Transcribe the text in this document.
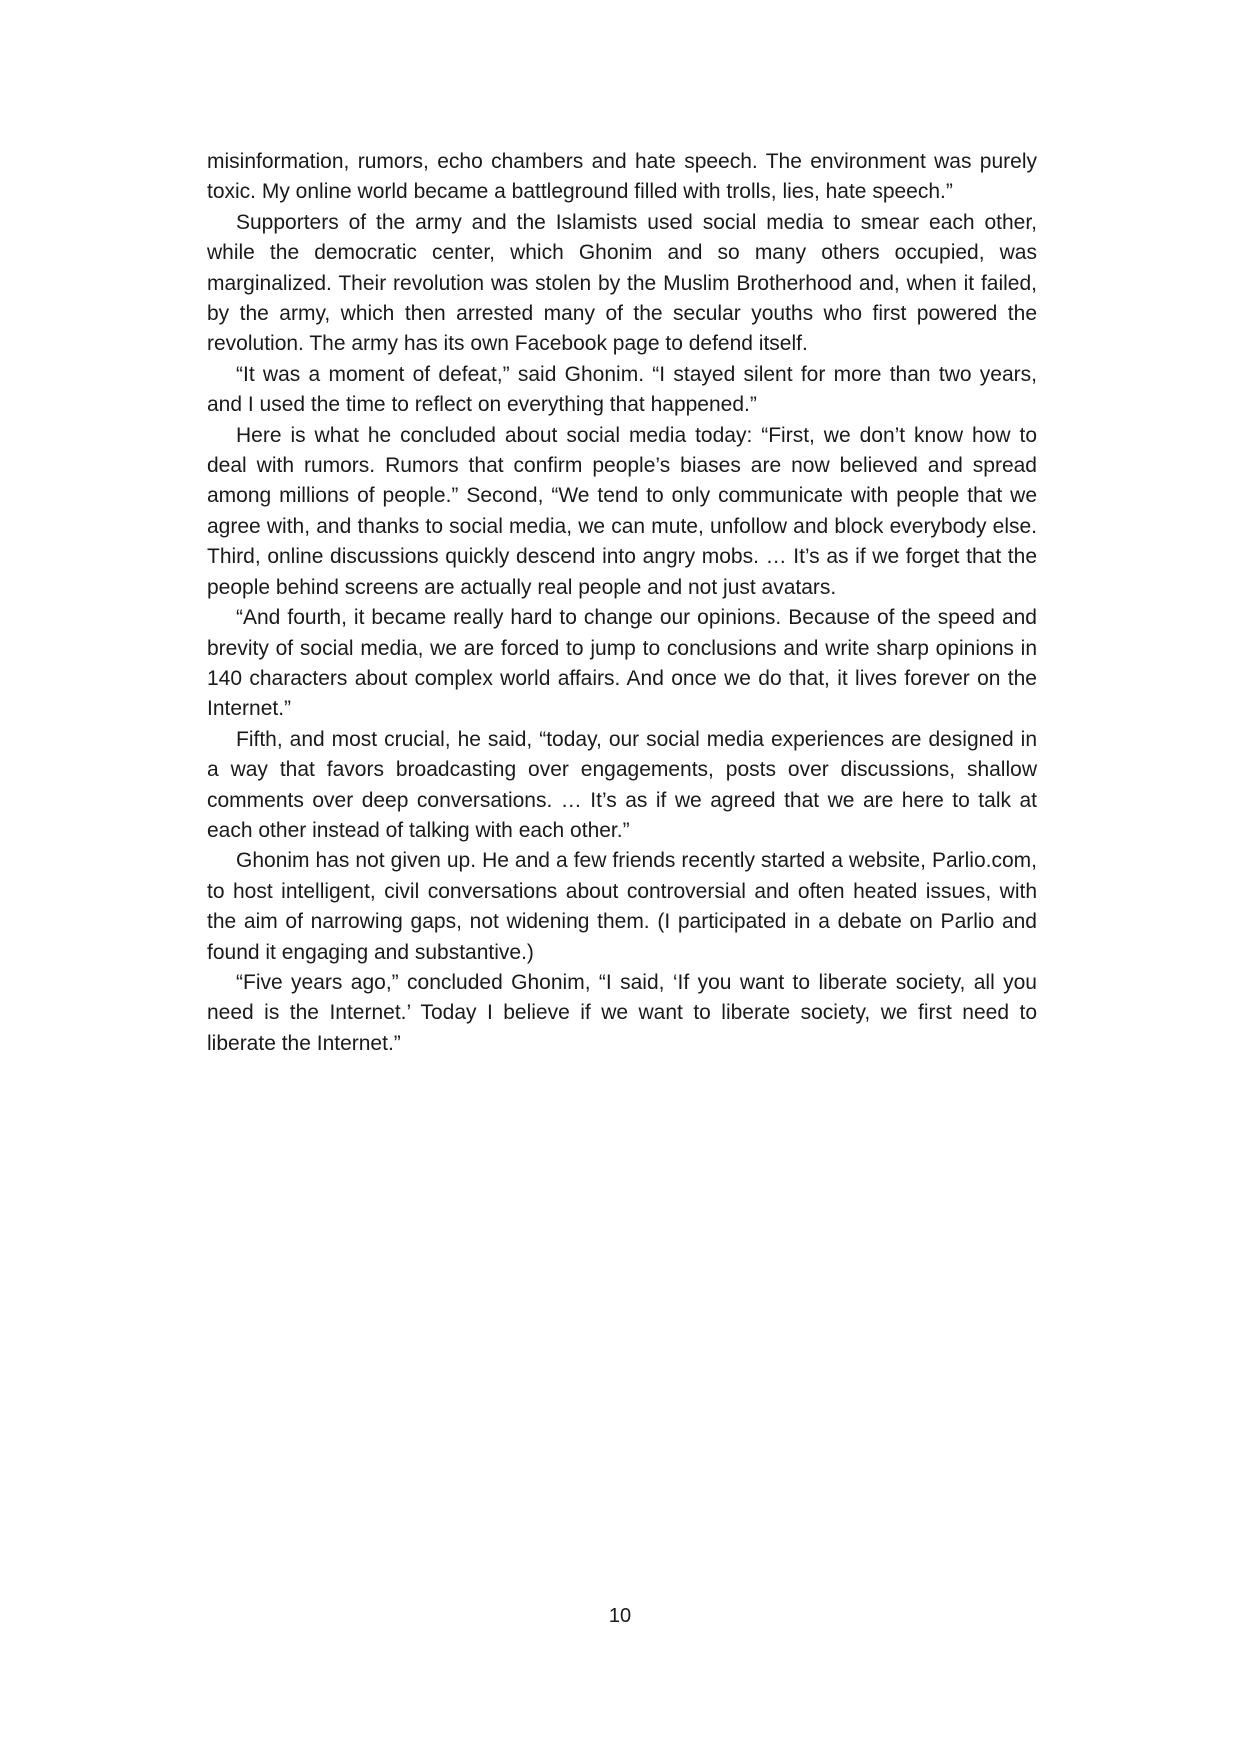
misinformation, rumors, echo chambers and hate speech. The environment was purely toxic. My online world became a battleground filled with trolls, lies, hate speech.”

Supporters of the army and the Islamists used social media to smear each other, while the democratic center, which Ghonim and so many others occupied, was marginalized. Their revolution was stolen by the Muslim Brotherhood and, when it failed, by the army, which then arrested many of the secular youths who first powered the revolution. The army has its own Facebook page to defend itself.

“It was a moment of defeat,” said Ghonim. “I stayed silent for more than two years, and I used the time to reflect on everything that happened.”

Here is what he concluded about social media today: “First, we don’t know how to deal with rumors. Rumors that confirm people’s biases are now believed and spread among millions of people.” Second, “We tend to only communicate with people that we agree with, and thanks to social media, we can mute, unfollow and block everybody else. Third, online discussions quickly descend into angry mobs. … It’s as if we forget that the people behind screens are actually real people and not just avatars.

“And fourth, it became really hard to change our opinions. Because of the speed and brevity of social media, we are forced to jump to conclusions and write sharp opinions in 140 characters about complex world affairs. And once we do that, it lives forever on the Internet.”

Fifth, and most crucial, he said, “today, our social media experiences are designed in a way that favors broadcasting over engagements, posts over discussions, shallow comments over deep conversations. … It’s as if we agreed that we are here to talk at each other instead of talking with each other.”

Ghonim has not given up. He and a few friends recently started a website, Parlio.com, to host intelligent, civil conversations about controversial and often heated issues, with the aim of narrowing gaps, not widening them. (I participated in a debate on Parlio and found it engaging and substantive.)

“Five years ago,” concluded Ghonim, “I said, ‘If you want to liberate society, all you need is the Internet.’ Today I believe if we want to liberate society, we first need to liberate the Internet.”

10
